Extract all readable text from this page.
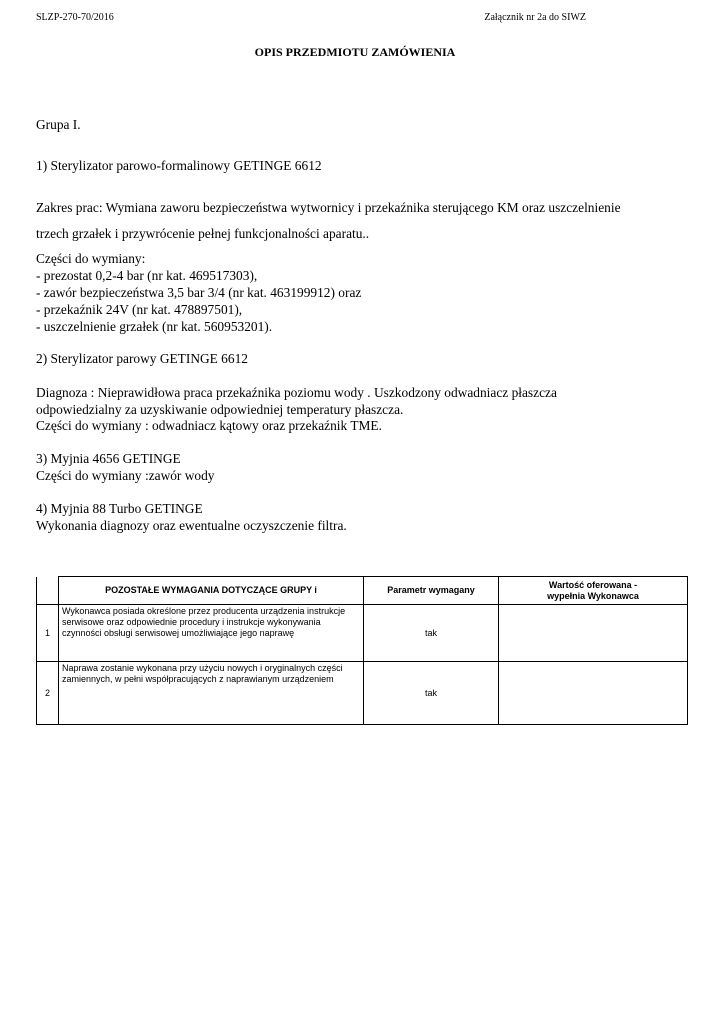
SLZP-270-70/2016	Załącznik nr 2a do SIWZ
OPIS PRZEDMIOTU ZAMÓWIENIA
Grupa I.
1) Sterylizator parowo-formalinowy GETINGE 6612
Zakres prac: Wymiana zaworu bezpieczeństwa wytwornicy i przekaźnika sterującego KM oraz uszczelnienie
trzech grzałek i przywrócenie pełnej funkcjonalności aparatu..
Części do wymiany:
- prezostat 0,2-4 bar (nr kat. 469517303),
- zawór bezpieczeństwa 3,5 bar 3/4 (nr kat. 463199912) oraz
- przekaźnik 24V (nr kat. 478897501),
- uszczelnienie grzałek (nr kat. 560953201).
2) Sterylizator parowy GETINGE 6612
Diagnoza : Nieprawidłowa praca przekaźnika poziomu wody . Uszkodzony odwadniacz płaszcza
odpowiedzialny za uzyskiwanie odpowiedniej temperatury płaszcza.
Części do wymiany : odwadniacz kątowy oraz przekaźnik TME.
3) Myjnia 4656 GETINGE
Części do wymiany :zawór wody
4) Myjnia 88 Turbo GETINGE
Wykonania diagnozy oraz ewentualne oczyszczenie filtra.
	POZOSTAŁE WYMAGANIA DOTYCZĄCE GRUPY i	Parametr wymagany	Wartość oferowana -
wypełnia Wykonawca

1	Wykonawca posiada określone przez producenta urządzenia instrukcje serwisowe oraz odpowiednie procedury i instrukcje wykonywania czynności obsługi serwisowej umożliwiające jego naprawę	tak	
2	Naprawa zostanie wykonana przy użyciu nowych i oryginalnych części zamiennych, w pełni współpracujących z naprawianym urządzeniem	tak	
